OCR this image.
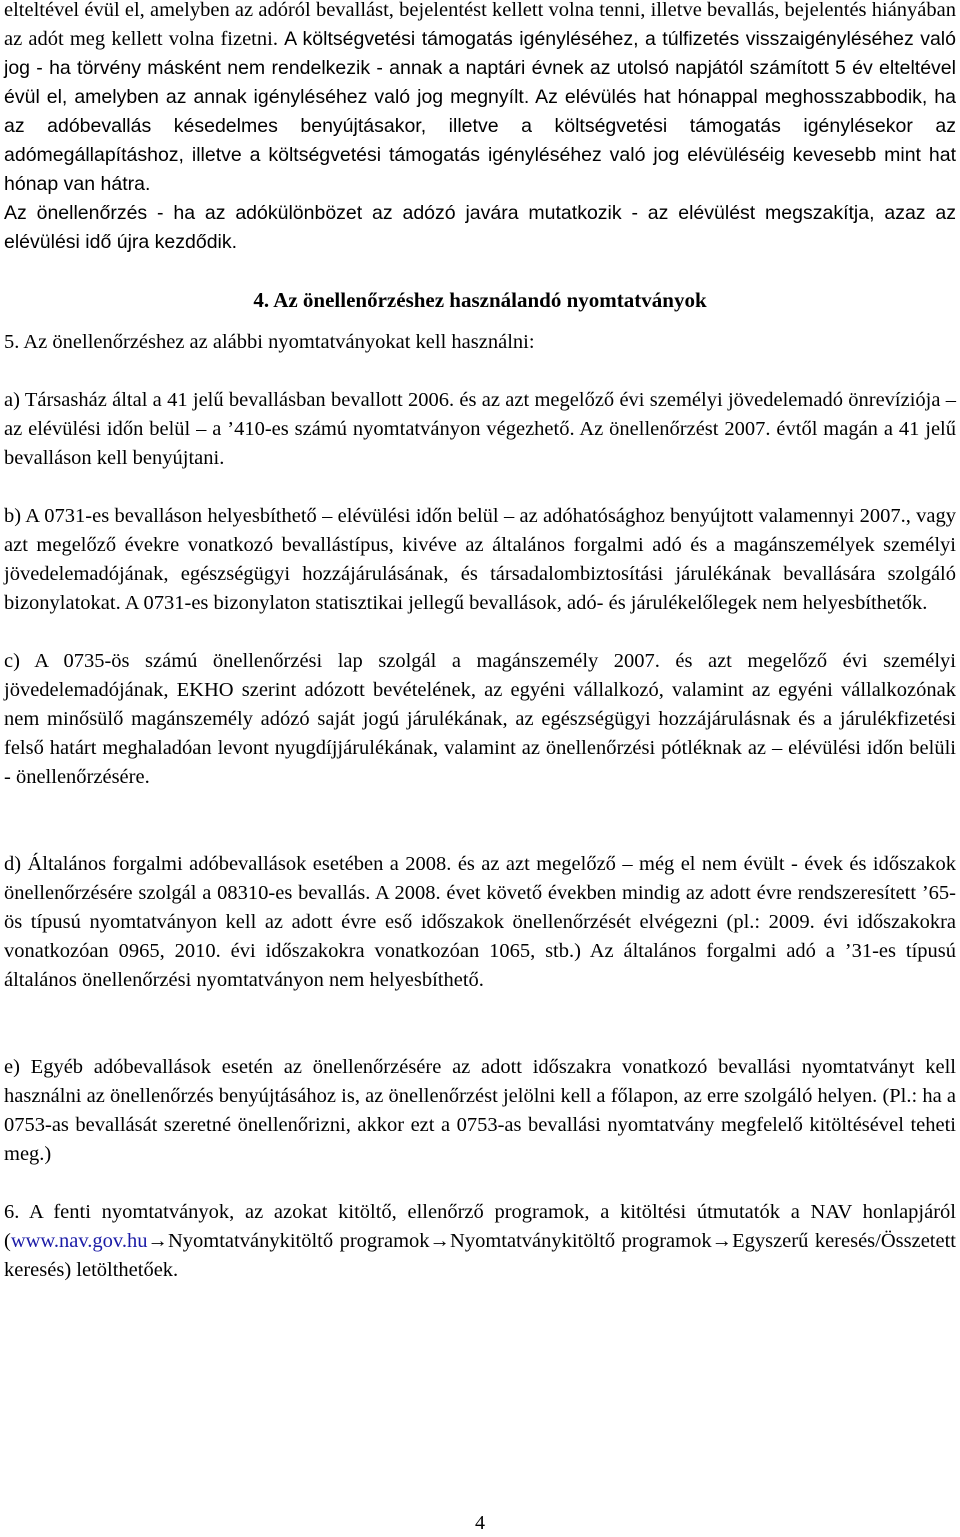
elteltével évül el, amelyben az adóról bevallást, bejelentést kellett volna tenni, illetve bevallás, bejelentés hiányában az adót meg kellett volna fizetni. A költségvetési támogatás igényléséhez, a túlfizetés visszaigényléséhez való jog - ha törvény másként nem rendelkezik - annak a naptári évnek az utolsó napjától számított 5 év elteltével évül el, amelyben az annak igényléséhez való jog megnyílt. Az elévülés hat hónappal meghosszabbodik, ha az adóbevallás késedelmes benyújtásakor, illetve a költségvetési támogatás igénylésekor az adómegállapításhoz, illetve a költségvetési támogatás igényléséhez való jog elévüléséig kevesebb mint hat hónap van hátra.

Az önellenőrzés - ha az adókülönbözet az adózó javára mutatkozik - az elévülést megszakítja, azaz az elévülési idő újra kezdődik.

4. Az önellenőrzéshez használandó nyomtatványok

5. Az önellenőrzéshez az alábbi nyomtatványokat kell használni:

a) Társasház által a 41 jelű bevallásban bevallott 2006. és az azt megelőző évi személyi jövedelemadó önrevíziója – az elévülési időn belül – a ’410-es számú nyomtatványon végezhető. Az önellenőrzést 2007. évtől magán a 41 jelű bevalláson kell benyújtani.

b) A 0731-es bevalláson helyesbíthető – elévülési időn belül – az adóhatósághoz benyújtott valamennyi 2007., vagy azt megelőző évekre vonatkozó bevallástípus, kivéve az általános forgalmi adó és a magánszemélyek személyi jövedelemadójának, egészségügyi hozzájárulásának, és társadalombiztosítási járulékának bevallására szolgáló bizonylatokat. A 0731-es bizonylaton statisztikai jellegű bevallások, adó- és járulékelőlegek nem helyesbíthetők.

c) A 0735-ös számú önellenőrzési lap szolgál a magánszemély 2007. és azt megelőző évi személyi jövedelemadójának, EKHO szerint adózott bevételének, az egyéni vállalkozó, valamint az egyéni vállalkozónak nem minősülő magánszemély adózó saját jogú járulékának, az egészségügyi hozzájárulásnak és a járulékfizetési felső határt meghaladóan levont nyugdíjjárulékának, valamint az önellenőrzési pótléknak az – elévülési időn belüli - önellenőrzésére.

d) Általános forgalmi adóbevallások esetében a 2008. és az azt megelőző – még el nem évült - évek és időszakok önellenőrzésére szolgál a 08310-es bevallás. A 2008. évet követő években mindig az adott évre rendszeresített ’65-ös típusú nyomtatványon kell az adott évre eső időszakok önellenőrzését elvégezni (pl.: 2009. évi időszakokra vonatkozóan 0965, 2010. évi időszakokra vonatkozóan 1065, stb.) Az általános forgalmi adó a ’31-es típusú általános önellenőrzési nyomtatványon nem helyesbíthető.

e) Egyéb adóbevallások esetén az önellenőrzésére az adott időszakra vonatkozó bevallási nyomtatványt kell használni az önellenőrzés benyújtásához is, az önellenőrzést jelölni kell a főlapon, az erre szolgáló helyen. (Pl.: ha a 0753-as bevallását szeretné önellenőrizni, akkor ezt a 0753-as bevallási nyomtatvány megfelelő kitöltésével teheti meg.)

6. A fenti nyomtatványok, az azokat kitöltő, ellenőrző programok, a kitöltési útmutatók a NAV honlapjáról (www.nav.gov.hu→Nyomtatványkitöltő programok→Nyomtatványkitöltő programok→Egyszerű keresés/Összetett keresés) letölthetőek.

4
